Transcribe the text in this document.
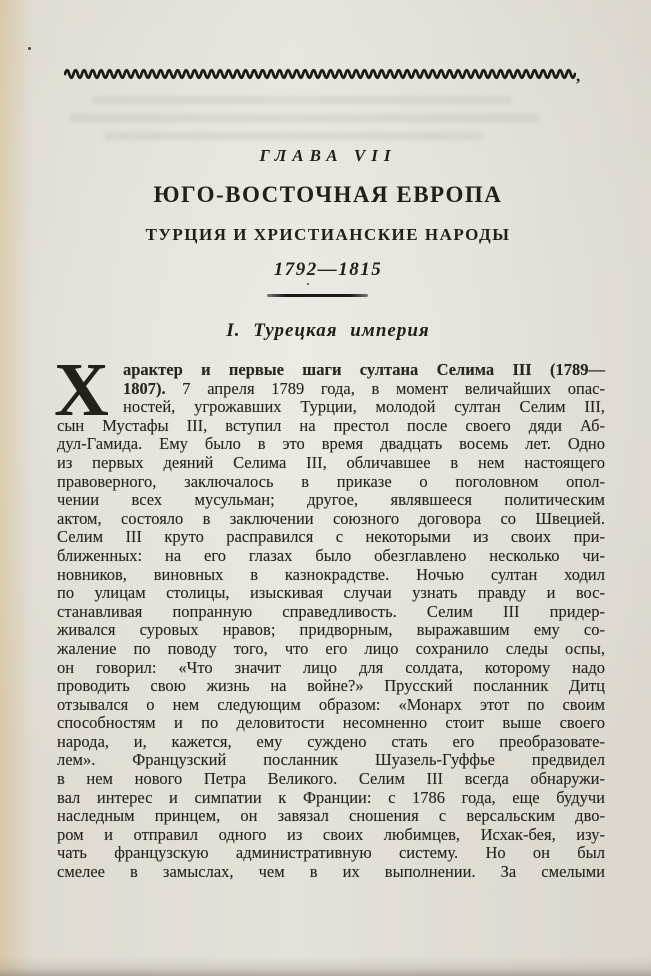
,
ГЛАВА VII
ЮГО-ВОСТОЧНАЯ ЕВРОПА
ТУРЦИЯ И ХРИСТИАНСКИЕ НАРОДЫ
1792—1815
I. Турецкая империя
Х арактер и первые шаги султана Селима III (1789—
1807). 7 апреля 1789 года, в момент величайших опас-
ностей, угрожавших Турции, молодой султан Селим III,
сын Мустафы III, вступил на престол после своего дяди Аб-
дул-Гамида. Ему было в это время двадцать восемь лет. Одно
из первых деяний Селима III, обличавшее в нем настоящего
правоверного, заключалось в приказе о поголовном опол-
чении всех мусульман; другое, являвшееся политическим
актом, состояло в заключении союзного договора со Швецией.
Селим III круто расправился с некоторыми из своих при-
ближенных: на его глазах было обезглавлено несколько чи-
новников, виновных в казнокрадстве. Ночью султан ходил
по улицам столицы, изыскивая случаи узнать правду и вос-
станавливая попранную справедливость. Селим III придер-
живался суровых нравов; придворным, выражавшим ему со-
жаление по поводу того, что его лицо сохранило следы оспы,
он говорил: «Что значит лицо для солдата, которому надо
проводить свою жизнь на войне?» Прусский посланник Дитц
отзывался о нем следующим образом: «Монарх этот по своим
способностям и по деловитости несомненно стоит выше своего
народа, и, кажется, ему суждено стать его преобразовате-
лем». Французский посланник Шуазель-Гуффье предвидел
в нем нового Петра Великого. Селим III всегда обнаружи-
вал интерес и симпатии к Франции: с 1786 года, еще будучи
наследным принцем, он завязал сношения с версальским дво-
ром и отправил одного из своих любимцев, Исхак-бея, изу-
чать французскую административную систему. Но он был
смелее в замыслах, чем в их выполнении. За смелыми
